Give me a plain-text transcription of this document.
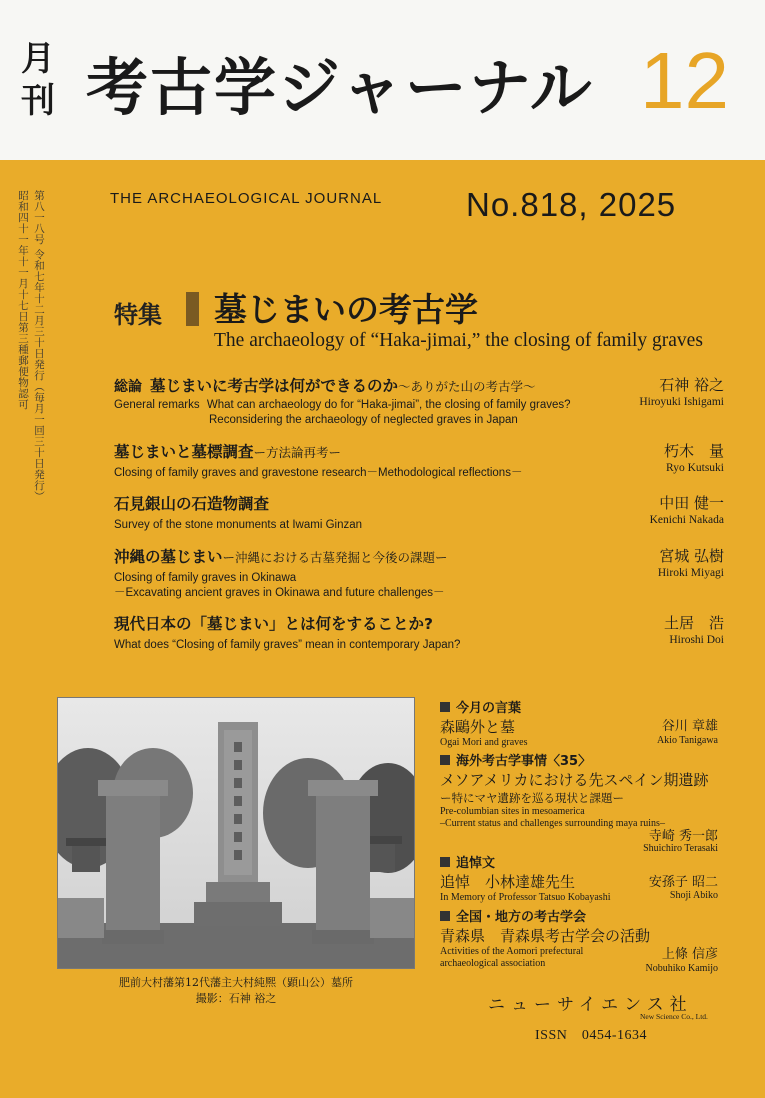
月
刊 考古学ジャーナル 12
第八一八号 令和七年十二月三十日発行（毎月一回三十日発行）
昭和四十一年十一月十七日第三種郵便物認可	THE ARCHAEOLOGICAL JOURNAL	No.818, 2025
特集 墓じまいの考古学
The archaeology of “Haka-jimai,” the closing of family graves
総論 墓じまいに考古学は何ができるのか〜ありがた山の考古学〜
General remarks What can archaeology do for “Haka-jimai”, the closing of family graves?
Reconsidering the archaeology of neglected graves in Japan
石神 裕之
Hiroyuki Ishigami
墓じまいと墓標調査ー方法論再考ー
Closing of family graves and gravestone research－Methodological reflections－
朽木　量
Ryo Kutsuki
石見銀山の石造物調査
Survey of the stone monuments at Iwami Ginzan
中田 健一
Kenichi Nakada
沖縄の墓じまいー沖縄における古墓発掘と今後の課題ー
Closing of family graves in Okinawa
－Excavating ancient graves in Okinawa and future challenges－
宮城 弘樹
Hiroki Miyagi
現代日本の「墓じまい」とは何をすることか?
What does “Closing of family graves” mean in contemporary Japan?
土居　浩
Hiroshi Doi
肥前大村藩第12代藩主大村純熈（顕山公）墓所
撮影：石神 裕之
今月の言葉
森鷗外と墓
Ogai Mori and graves
谷川 章雄
Akio Tanigawa
海外考古学事情〈35〉
メソアメリカにおける先スペイン期遺跡
ー特にマヤ遺跡を巡る現状と課題ー
Pre-columbian sites in mesoamerica
–Current status and challenges surrounding maya ruins–
寺崎 秀一郎
Shuichiro Terasaki
追悼文
追悼　小林達雄先生
In Memory of Professor Tatsuo Kobayashi
安孫子 昭二
Shoji Abiko
全国・地方の考古学会
青森県　青森県考古学会の活動
Activities of the Aomori prefectural
archaeological association
上條 信彦
Nobuhiko Kamijo
ニューサイエンス社
New Science Co., Ltd.
ISSN　0454-1634
